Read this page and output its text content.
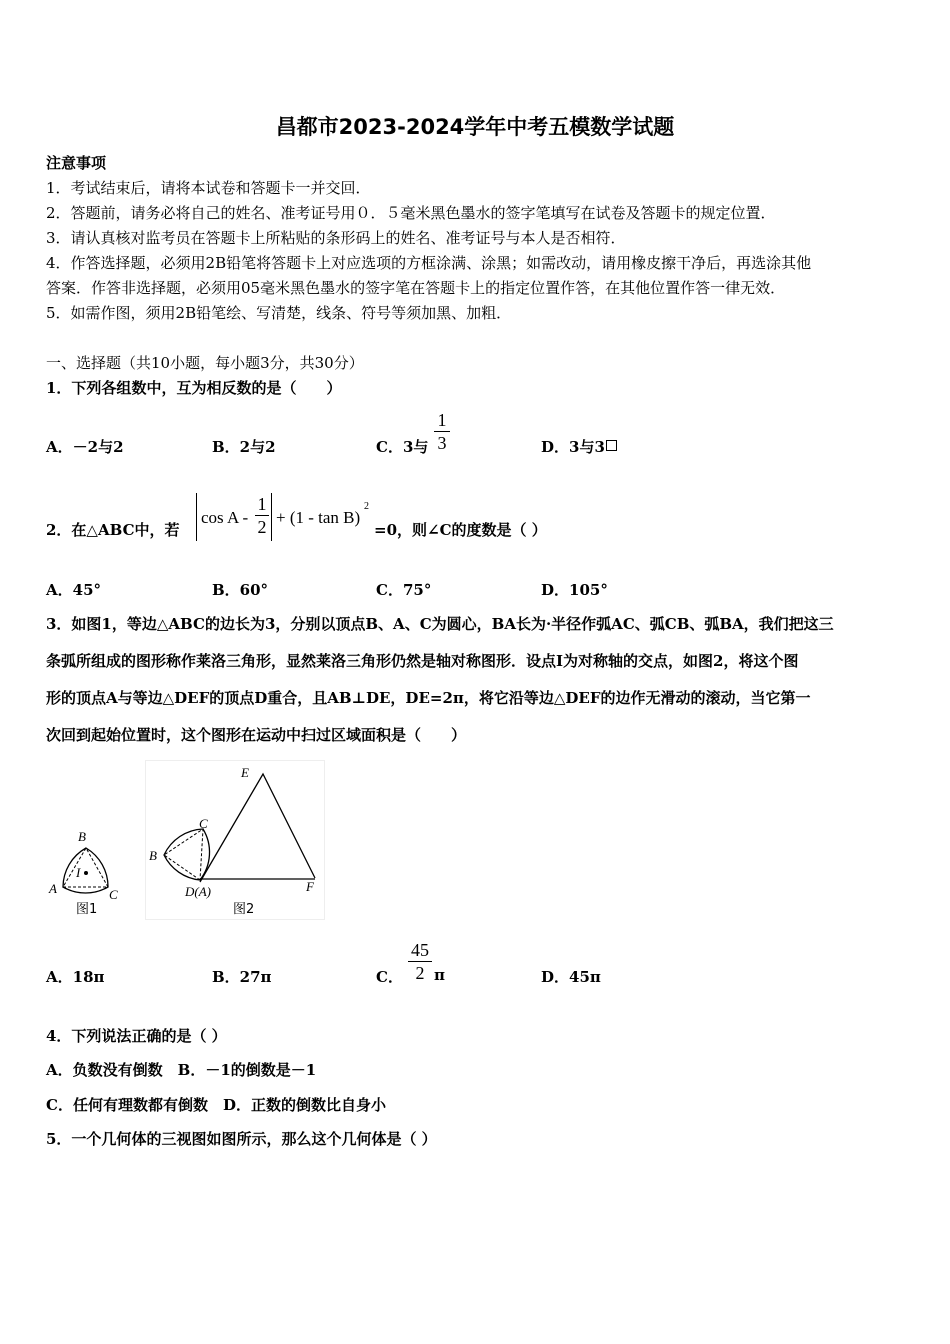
昌都市2023-2024学年中考五模数学试题
注意事项
1．考试结束后，请将本试卷和答题卡一并交回．
2．答题前，请务必将自己的姓名、准考证号用０．５毫米黑色墨水的签字笔填写在试卷及答题卡的规定位置．
3．请认真核对监考员在答题卡上所粘贴的条形码上的姓名、准考证号与本人是否相符．
4．作答选择题，必须用2B铅笔将答题卡上对应选项的方框涂满、涂黑；如需改动，请用橡皮擦干净后，再选涂其他
答案．作答非选择题，必须用05毫米黑色墨水的签字笔在答题卡上的指定位置作答，在其他位置作答一律无效．
5．如需作图，须用2B铅笔绘、写清楚，线条、符号等须加黑、加粗．
一、选择题（共10小题，每小题3分，共30分）
1．下列各组数中，互为相反数的是（　　）
A．－2与2	B．2与2	C．3与
1
3	D．3与3
2．在△ABC中，若
cos A -
1
2 + (1 - tan B)
2
=0，则∠C的度数是（ ）
A．45°	B．60°	C．75°	D．105°
3．如图1，等边△ABC的边长为3，分别以顶点B、A、C为圆心，BA长为·半径作弧AC、弧CB、弧BA，我们把这三
条弧所组成的图形称作莱洛三角形，显然莱洛三角形仍然是轴对称图形．设点I为对称轴的交点，如图2，将这个图
形的顶点A与等边△DEF的顶点D重合，且AB⊥DE，DE=2π，将它沿等边△DEF的边作无滑动的滚动，当它第一
次回到起始位置时，这个图形在运动中扫过区域面积是（　　）
B
I
A	C
图1
E
C
B
D(A)	F
图2
A．18π	B．27π	C．
45
2 π	D．45π
4．下列说法正确的是（ ）
A．负数没有倒数　B．－1的倒数是－1
C．任何有理数都有倒数　D．正数的倒数比自身小
5．一个几何体的三视图如图所示，那么这个几何体是（ ）
